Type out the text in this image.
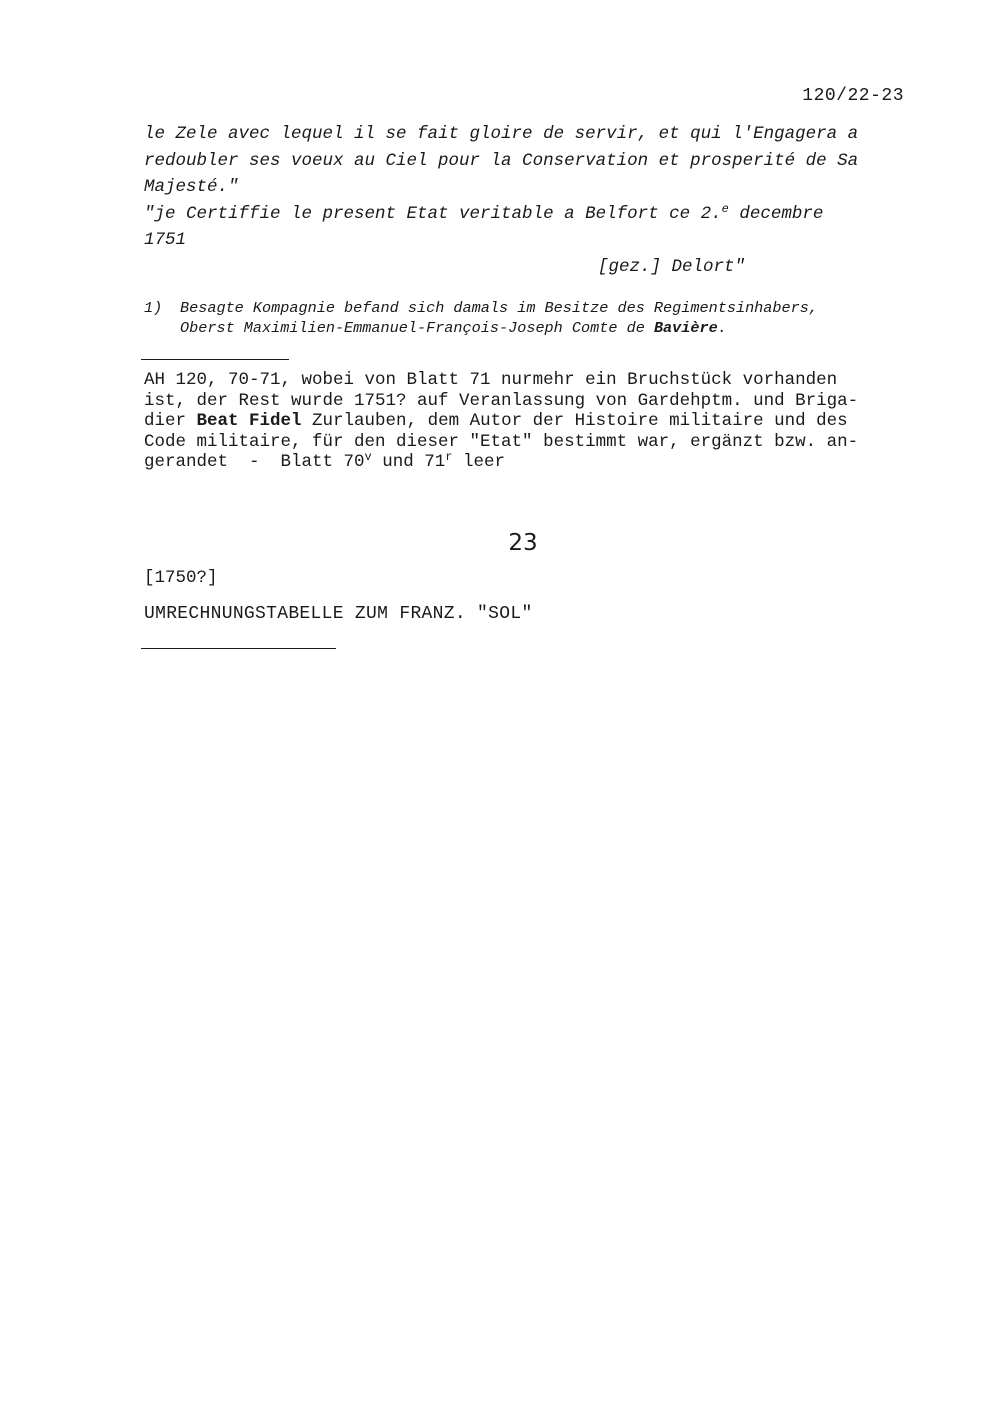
120/22-23

le Zele avec lequel il se fait gloire de servir, et qui l'Engagera a

redoubler ses voeux au Ciel pour la Conservation et prosperité de Sa

Majesté."

"je Certiffie le present Etat veritable a Belfort ce 2.$^e$ decembre

1751

[gez.] Delort"

1)	Besagte Kompagnie befand sich damals im Besitze des Regimentsinhabers,
Oberst Maximilien-Emmanuel-François-Joseph Comte de Bavière.
AH 120, 70-71, wobei von Blatt 71 nurmehr ein Bruchstück vorhanden
ist, der Rest wurde 1751? auf Veranlassung von Gardehptm. und Briga-
dier Beat Fidel Zurlauben, dem Autor der Histoire militaire und des
Code militaire, für den dieser "Etat" bestimmt war, ergänzt bzw. an-
gerandet  -  Blatt 70$^v$ und 71$^r$ leer
23
[1750?]
UMRECHNUNGSTABELLE ZUM FRANZ. "SOL"
